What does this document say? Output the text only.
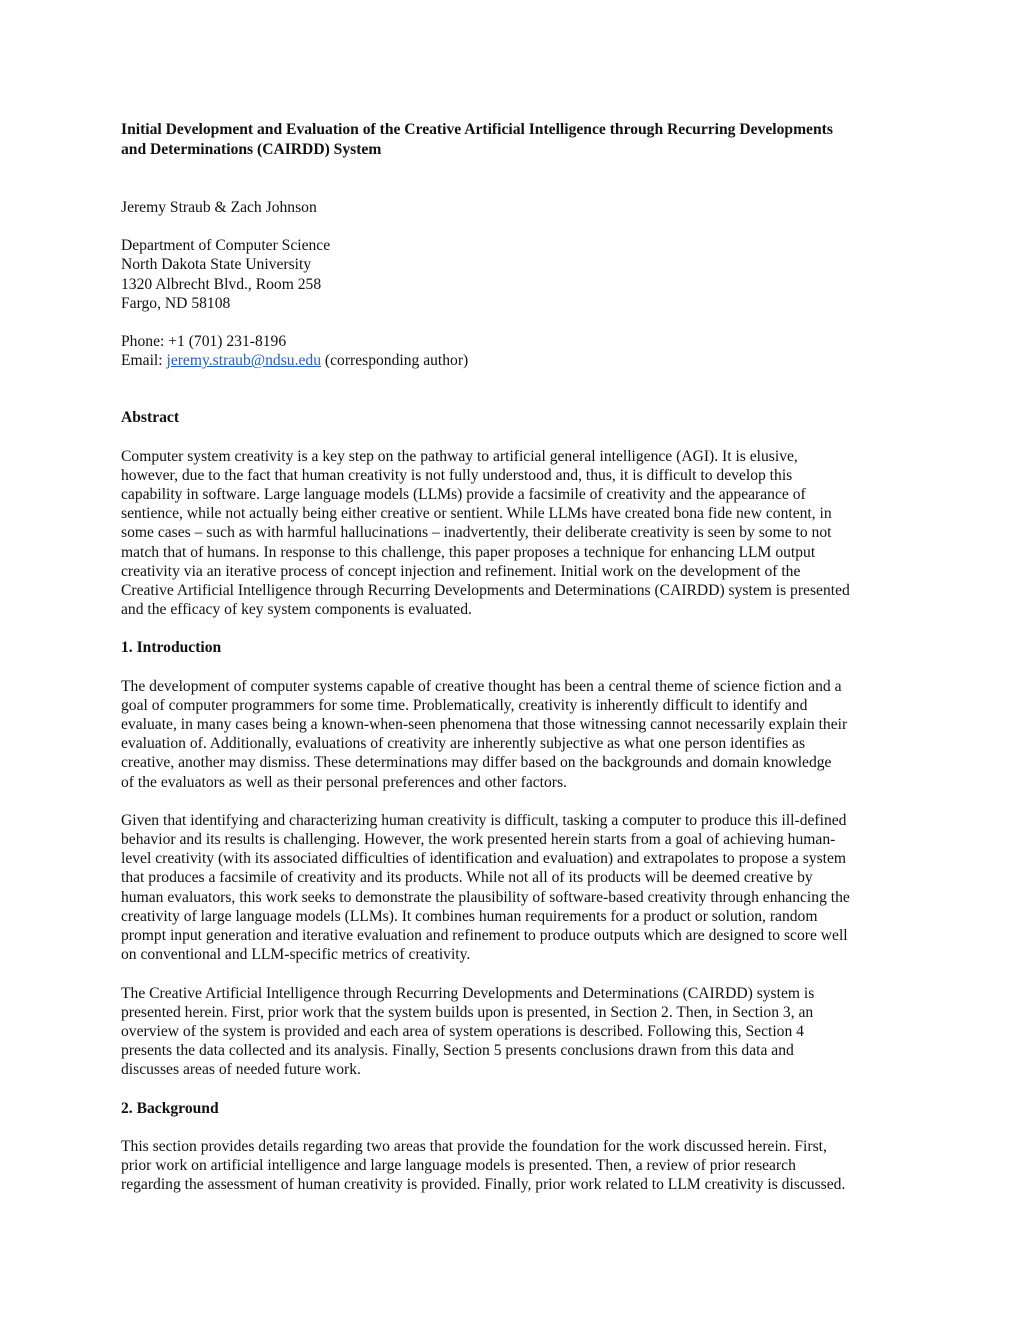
Initial Development and Evaluation of the Creative Artificial Intelligence through Recurring Developments
and Determinations (CAIRDD) System
Jeremy Straub & Zach Johnson
Department of Computer Science
North Dakota State University
1320 Albrecht Blvd., Room 258
Fargo, ND 58108
Phone: +1 (701) 231-8196
Email: jeremy.straub@ndsu.edu (corresponding author)
Abstract
Computer system creativity is a key step on the pathway to artificial general intelligence (AGI). It is elusive,
however, due to the fact that human creativity is not fully understood and, thus, it is difficult to develop this
capability in software. Large language models (LLMs) provide a facsimile of creativity and the appearance of
sentience, while not actually being either creative or sentient. While LLMs have created bona fide new content, in
some cases – such as with harmful hallucinations – inadvertently, their deliberate creativity is seen by some to not
match that of humans. In response to this challenge, this paper proposes a technique for enhancing LLM output
creativity via an iterative process of concept injection and refinement. Initial work on the development of the
Creative Artificial Intelligence through Recurring Developments and Determinations (CAIRDD) system is presented
and the efficacy of key system components is evaluated.
1. Introduction
The development of computer systems capable of creative thought has been a central theme of science fiction and a
goal of computer programmers for some time. Problematically, creativity is inherently difficult to identify and
evaluate, in many cases being a known-when-seen phenomena that those witnessing cannot necessarily explain their
evaluation of. Additionally, evaluations of creativity are inherently subjective as what one person identifies as
creative, another may dismiss. These determinations may differ based on the backgrounds and domain knowledge
of the evaluators as well as their personal preferences and other factors.
Given that identifying and characterizing human creativity is difficult, tasking a computer to produce this ill-defined
behavior and its results is challenging. However, the work presented herein starts from a goal of achieving human-
level creativity (with its associated difficulties of identification and evaluation) and extrapolates to propose a system
that produces a facsimile of creativity and its products. While not all of its products will be deemed creative by
human evaluators, this work seeks to demonstrate the plausibility of software-based creativity through enhancing the
creativity of large language models (LLMs). It combines human requirements for a product or solution, random
prompt input generation and iterative evaluation and refinement to produce outputs which are designed to score well
on conventional and LLM-specific metrics of creativity.
The Creative Artificial Intelligence through Recurring Developments and Determinations (CAIRDD) system is
presented herein. First, prior work that the system builds upon is presented, in Section 2. Then, in Section 3, an
overview of the system is provided and each area of system operations is described. Following this, Section 4
presents the data collected and its analysis. Finally, Section 5 presents conclusions drawn from this data and
discusses areas of needed future work.
2. Background
This section provides details regarding two areas that provide the foundation for the work discussed herein. First,
prior work on artificial intelligence and large language models is presented. Then, a review of prior research
regarding the assessment of human creativity is provided. Finally, prior work related to LLM creativity is discussed.
